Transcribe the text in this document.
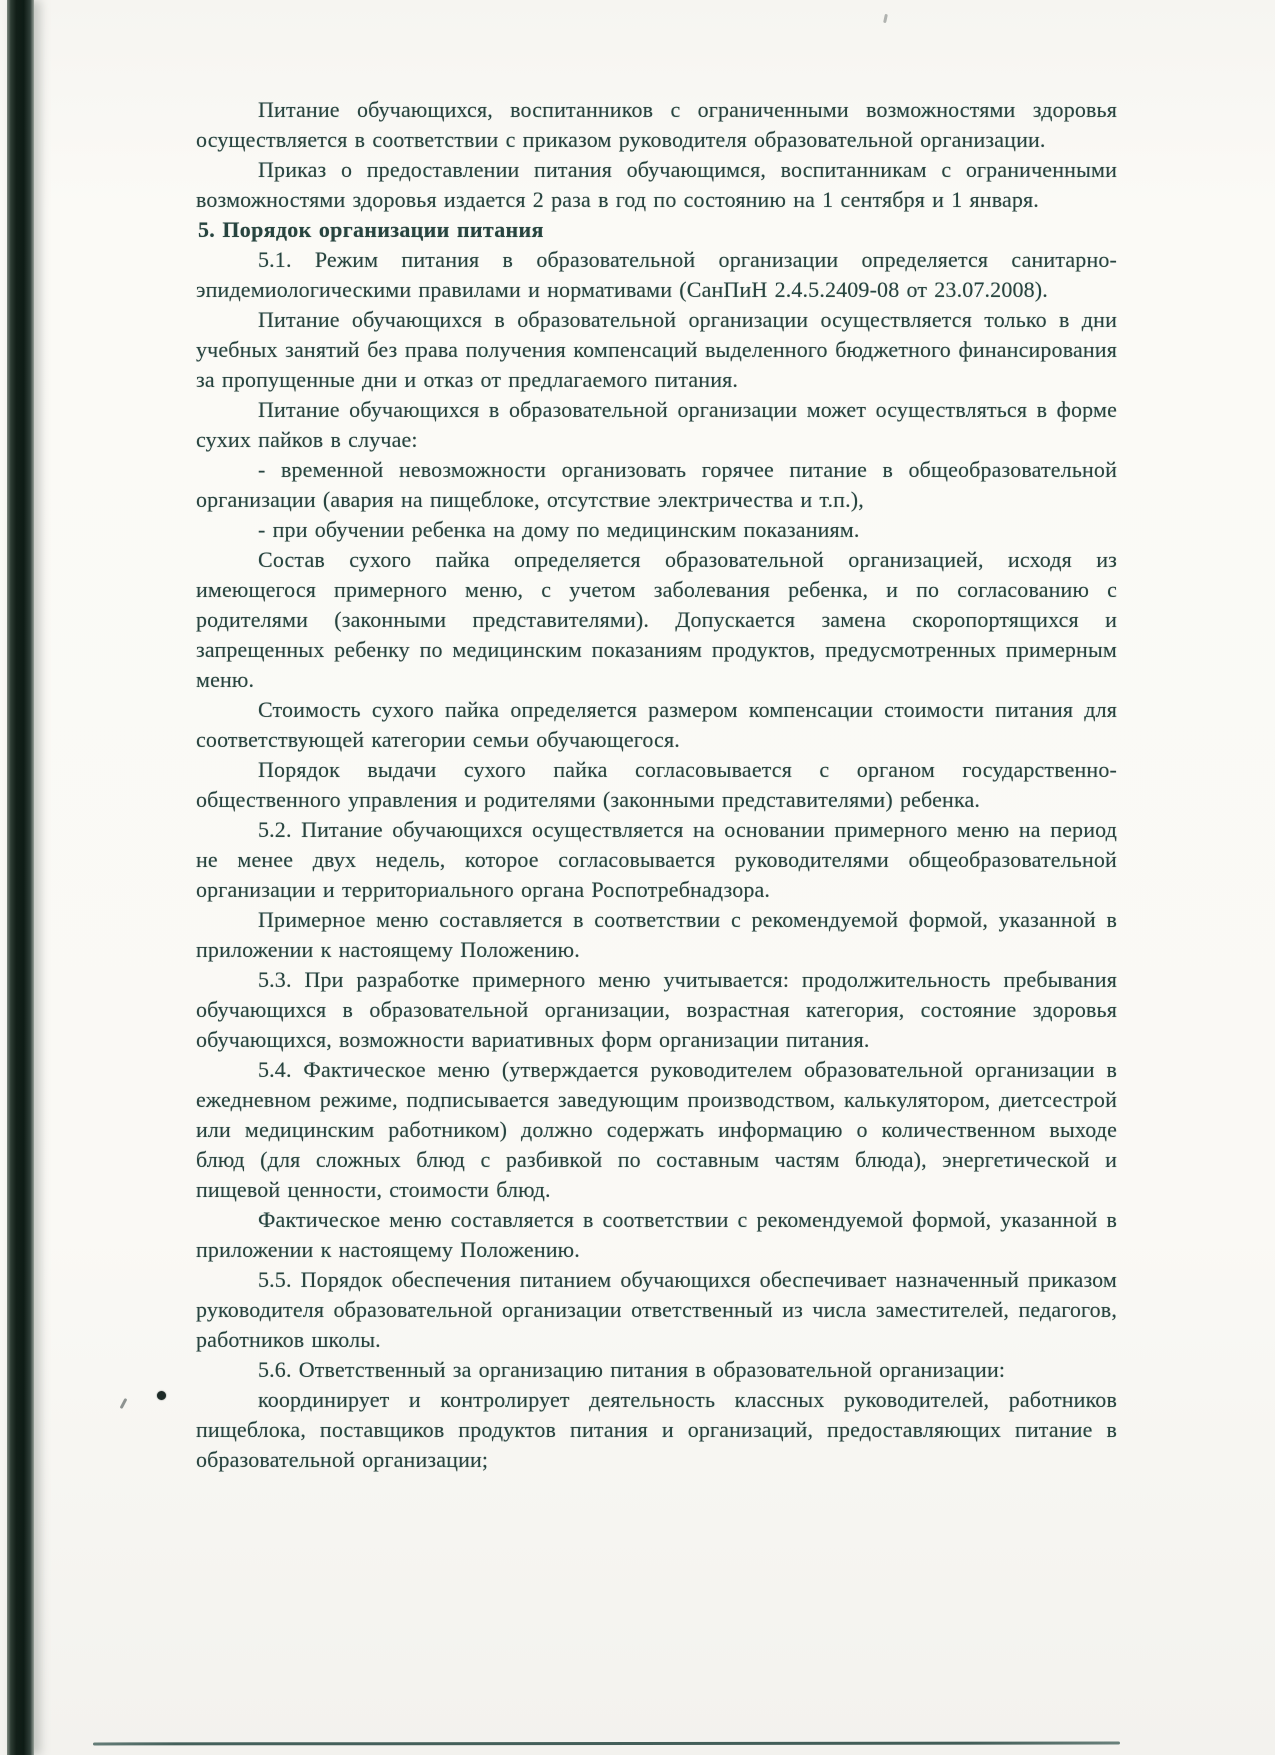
Питание обучающихся, воспитанников с ограниченными возможностями здоровья осуществляется в соответствии с приказом руководителя образовательной организации.

Приказ о предоставлении питания обучающимся, воспитанникам с ограниченными возможностями здоровья издается 2 раза в год по состоянию на 1 сентября и 1 января.

5. Порядок организации питания

5.1. Режим питания в образовательной организации определяется санитарно-эпидемиологическими правилами и нормативами (СанПиН 2.4.5.2409-08 от 23.07.2008).

Питание обучающихся в образовательной организации осуществляется только в дни учебных занятий без права получения компенсаций выделенного бюджетного финансирования за пропущенные дни и отказ от предлагаемого питания.

Питание обучающихся в образовательной организации может осуществляться в форме сухих пайков в случае:

- временной невозможности организовать горячее питание в общеобразовательной организации (авария на пищеблоке, отсутствие электричества и т.п.),

- при обучении ребенка на дому по медицинским показаниям.

Состав сухого пайка определяется образовательной организацией, исходя из имеющегося примерного меню, с учетом заболевания ребенка, и по согласованию с родителями (законными представителями). Допускается замена скоропортящихся и запрещенных ребенку по медицинским показаниям продуктов, предусмотренных примерным меню.

Стоимость сухого пайка определяется размером компенсации стоимости питания для соответствующей категории семьи обучающегося.

Порядок выдачи сухого пайка согласовывается с органом государственно-общественного управления и родителями (законными представителями) ребенка.

5.2. Питание обучающихся осуществляется на основании примерного меню на период не менее двух недель, которое согласовывается руководителями общеобразовательной организации и территориального органа Роспотребнадзора.

Примерное меню составляется в соответствии с рекомендуемой формой, указанной в приложении к настоящему Положению.

5.3. При разработке примерного меню учитывается: продолжительность пребывания обучающихся в образовательной организации, возрастная категория, состояние здоровья обучающихся, возможности вариативных форм организации питания.

5.4. Фактическое меню (утверждается руководителем образовательной организации в ежедневном режиме, подписывается заведующим производством, калькулятором, диетсестрой или медицинским работником) должно содержать информацию о количественном выходе блюд (для сложных блюд с разбивкой по составным частям блюда), энергетической и пищевой ценности, стоимости блюд.

Фактическое меню составляется в соответствии с рекомендуемой формой, указанной в приложении к настоящему Положению.

5.5. Порядок обеспечения питанием обучающихся обеспечивает назначенный приказом руководителя образовательной организации ответственный из числа заместителей, педагогов, работников школы.

5.6. Ответственный за организацию питания в образовательной организации:

координирует и контролирует деятельность классных руководителей, работников пищеблока, поставщиков продуктов питания и организаций, предоставляющих питание в образовательной организации;
